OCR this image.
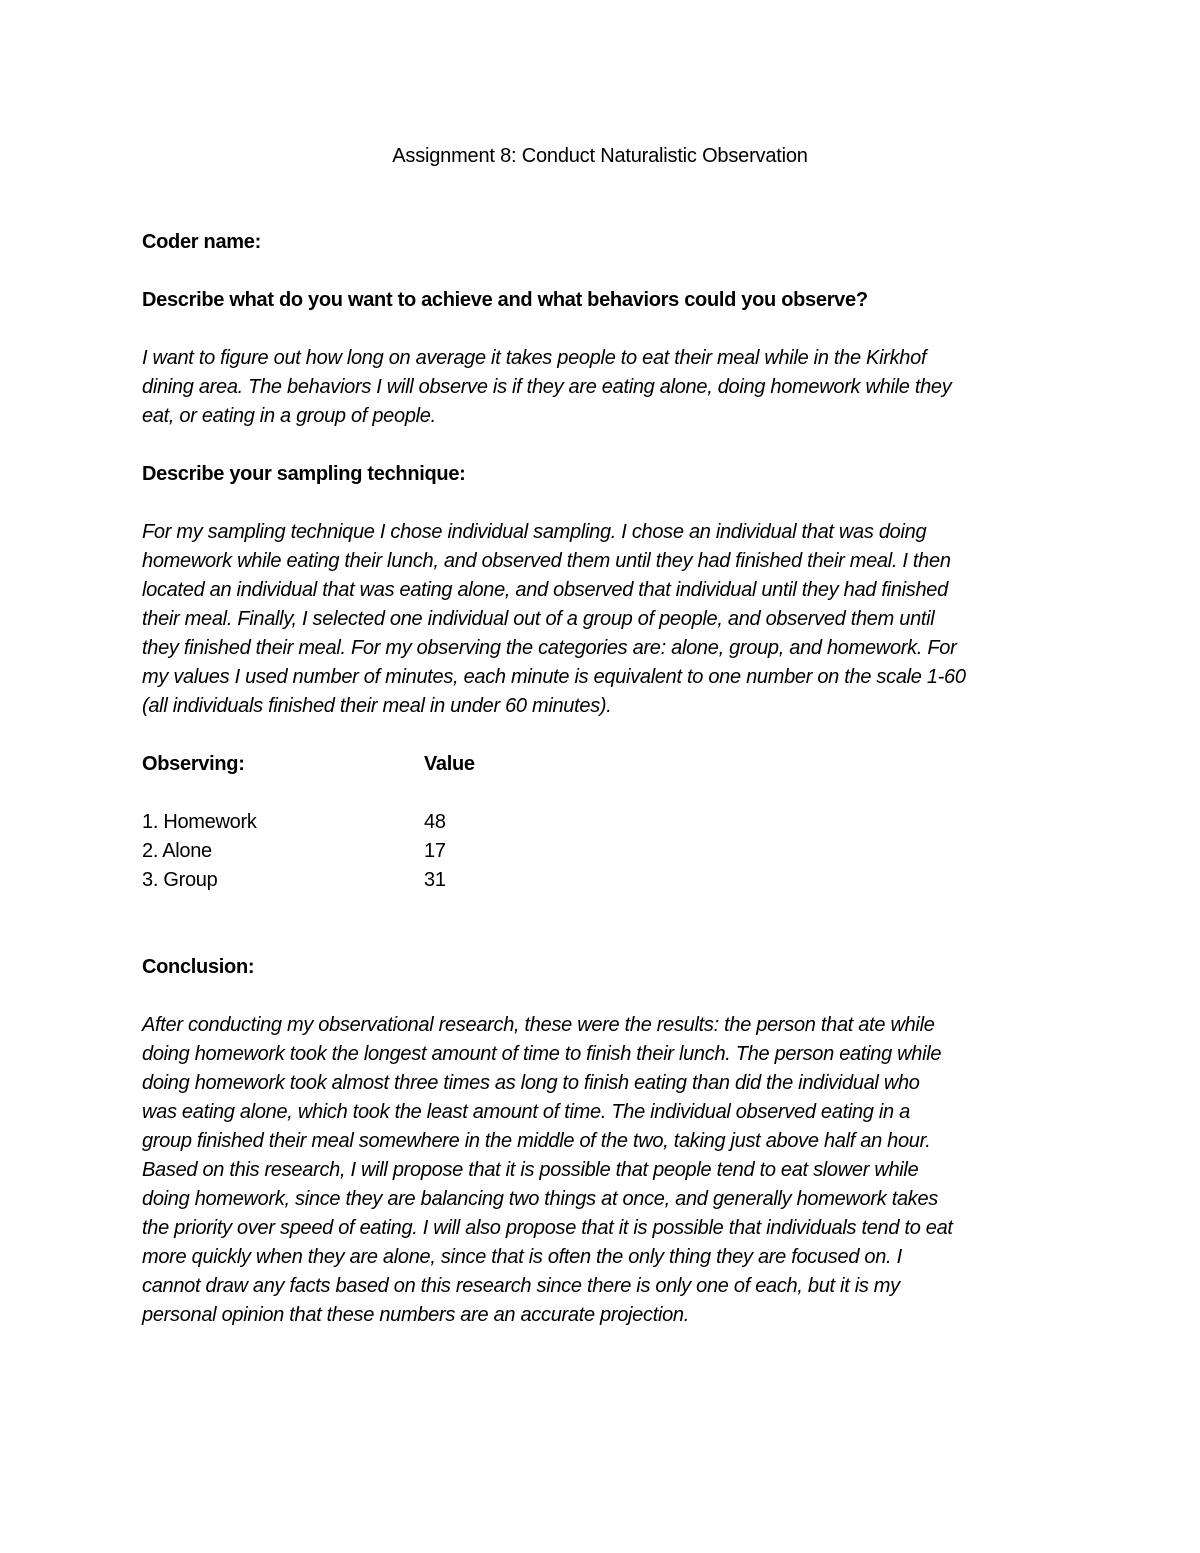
Assignment 8: Conduct Naturalistic Observation
Coder name:
Describe what do you want to achieve and what behaviors could you observe?
I want to figure out how long on average it takes people to eat their meal while in the Kirkhof
dining area. The behaviors I will observe is if they are eating alone, doing homework while they
eat, or eating in a group of people.
Describe your sampling technique:
For my sampling technique I chose individual sampling. I chose an individual that was doing
homework while eating their lunch, and observed them until they had finished their meal. I then
located an individual that was eating alone, and observed that individual until they had finished
their meal. Finally, I selected one individual out of a group of people, and observed them until
they finished their meal. For my observing the categories are: alone, group, and homework. For
my values I used number of minutes, each minute is equivalent to one number on the scale 1-60
(all individuals finished their meal in under 60 minutes).
Observing:	Value
1. Homework	48
2. Alone	17
3. Group	31
Conclusion:
After conducting my observational research, these were the results: the person that ate while
doing homework took the longest amount of time to finish their lunch. The person eating while
doing homework took almost three times as long to finish eating than did the individual who
was eating alone, which took the least amount of time. The individual observed eating in a
group finished their meal somewhere in the middle of the two, taking just above half an hour.
Based on this research, I will propose that it is possible that people tend to eat slower while
doing homework, since they are balancing two things at once, and generally homework takes
the priority over speed of eating. I will also propose that it is possible that individuals tend to eat
more quickly when they are alone, since that is often the only thing they are focused on. I
cannot draw any facts based on this research since there is only one of each, but it is my
personal opinion that these numbers are an accurate projection.
